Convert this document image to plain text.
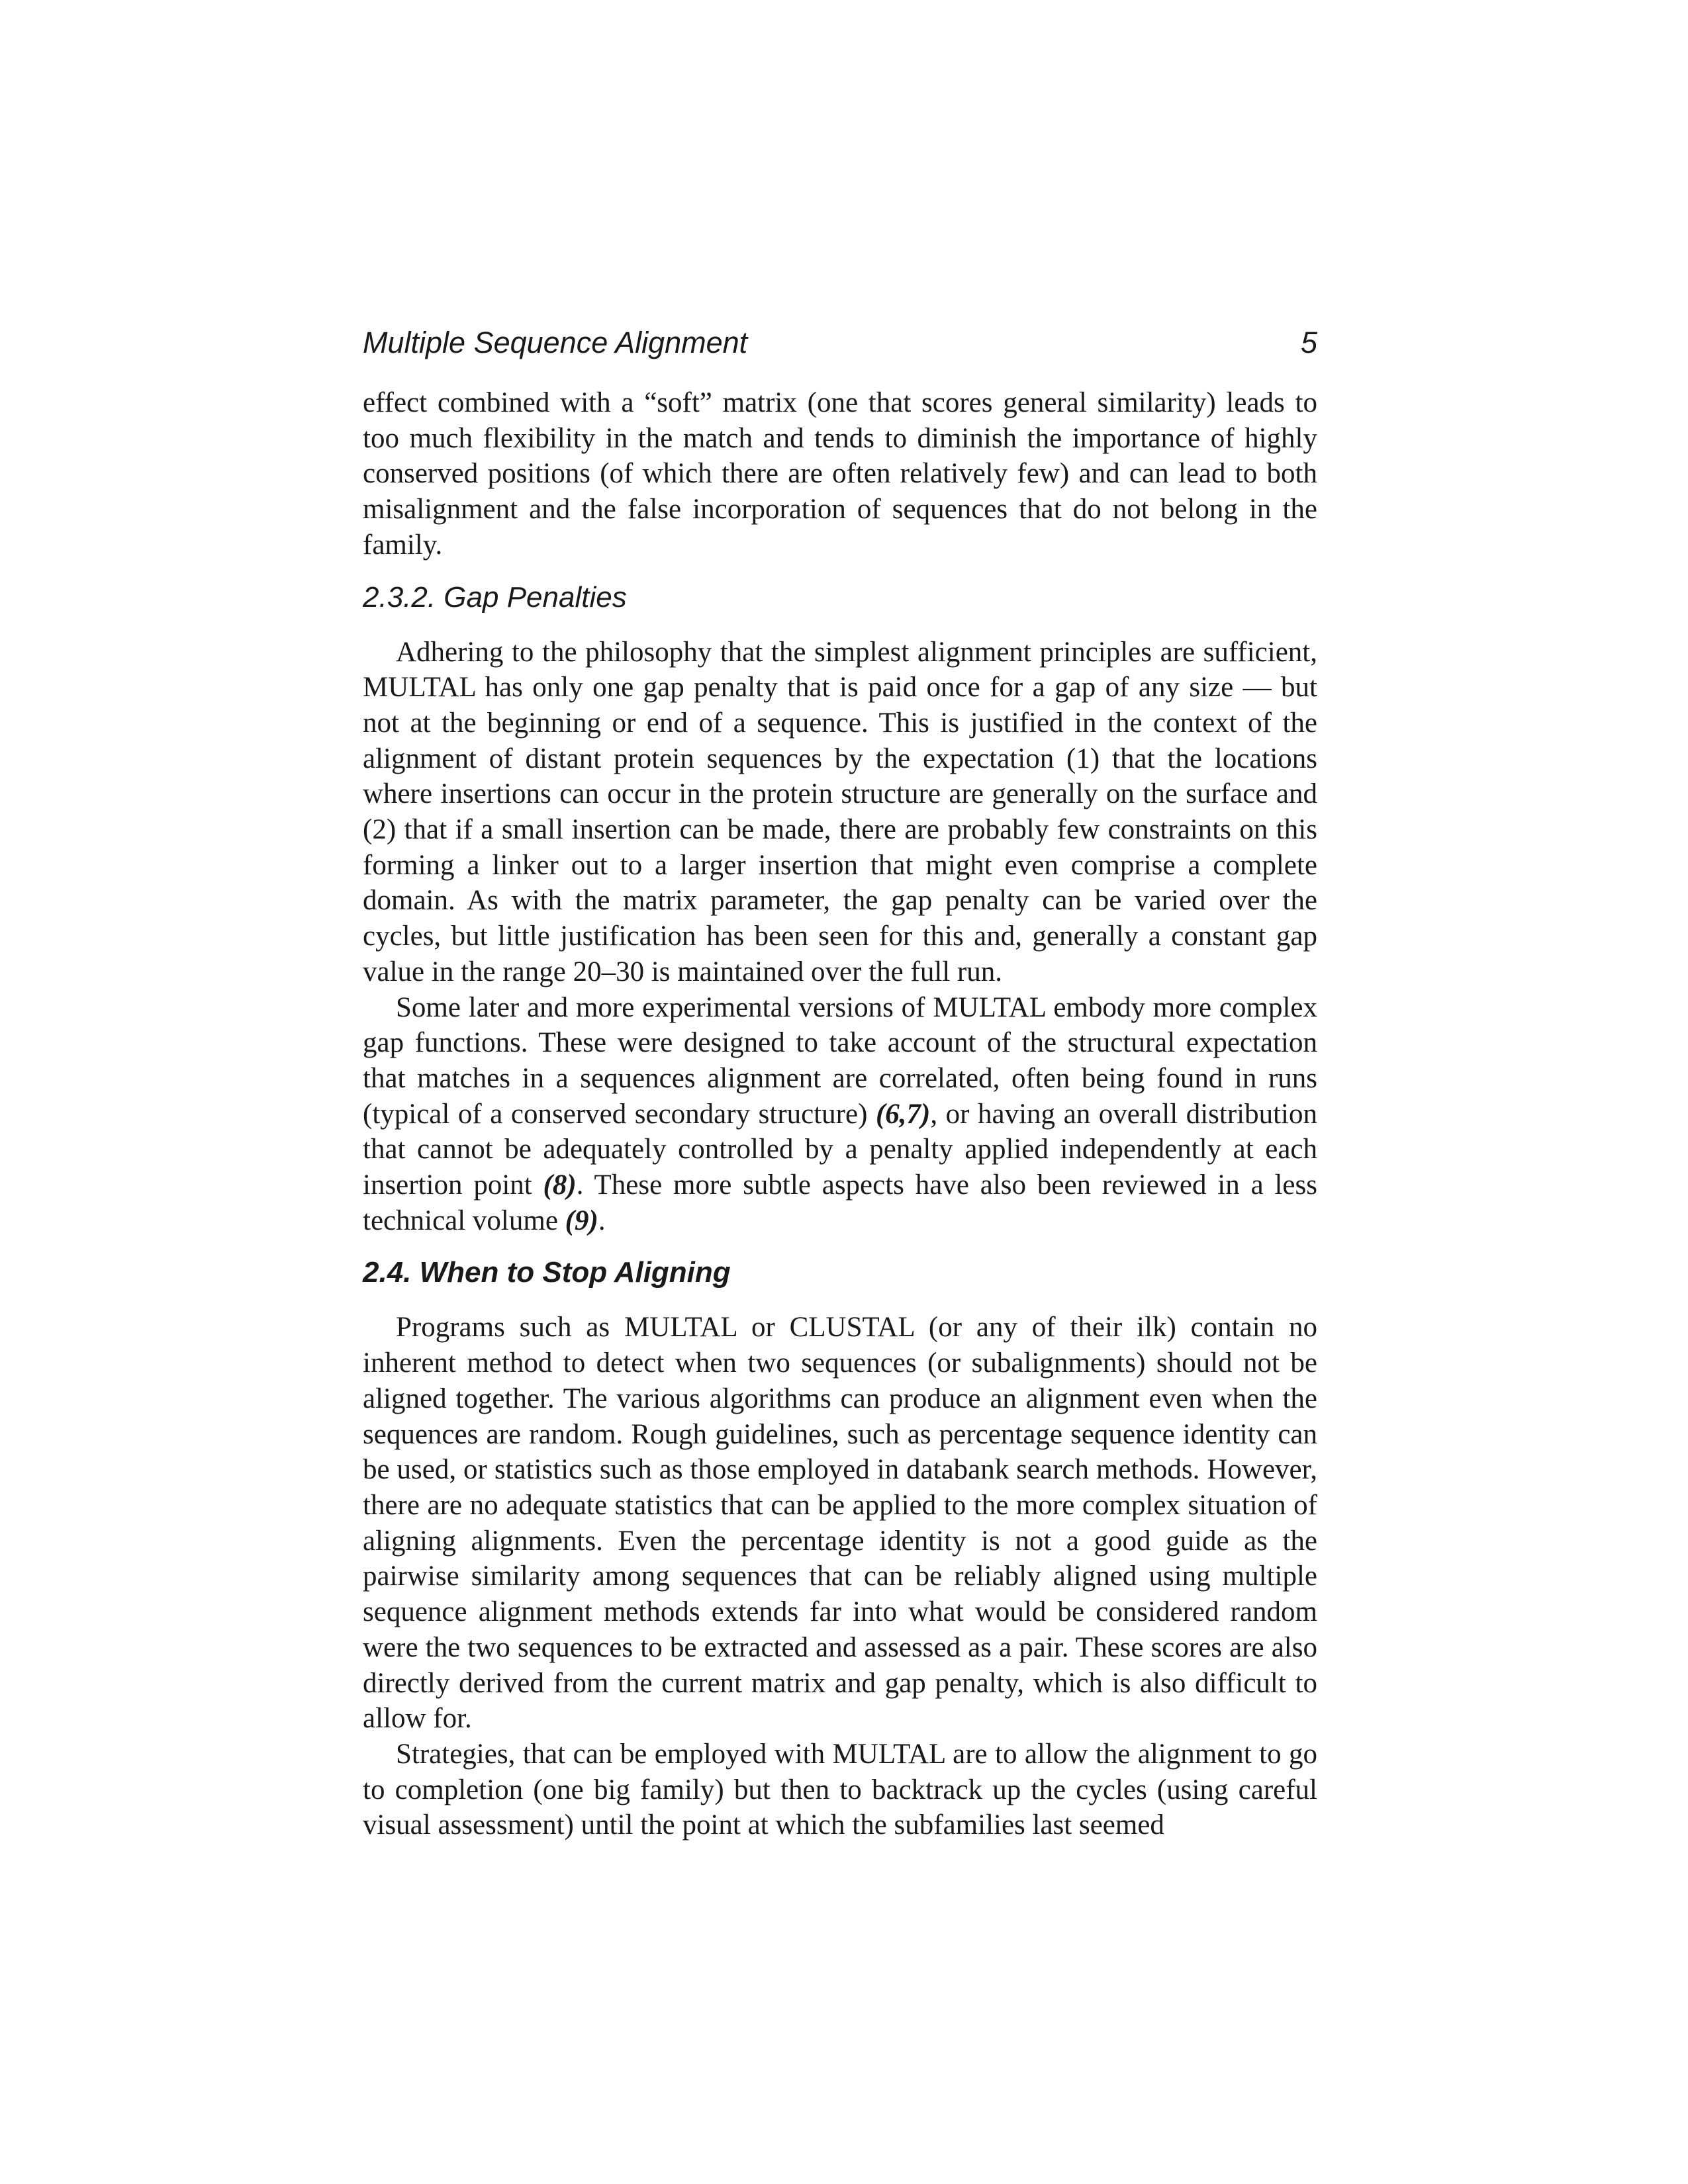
Multiple Sequence Alignment	5

effect combined with a “soft” matrix (one that scores general similarity) leads to too much flexibility in the match and tends to diminish the importance of highly conserved positions (of which there are often relatively few) and can lead to both misalignment and the false incorporation of sequences that do not belong in the family.

2.3.2. Gap Penalties

Adhering to the philosophy that the simplest alignment principles are sufficient, MULTAL has only one gap penalty that is paid once for a gap of any size — but not at the beginning or end of a sequence. This is justified in the context of the alignment of distant protein sequences by the expectation (1) that the locations where insertions can occur in the protein structure are generally on the surface and (2) that if a small insertion can be made, there are probably few constraints on this forming a linker out to a larger insertion that might even comprise a complete domain. As with the matrix parameter, the gap penalty can be varied over the cycles, but little justification has been seen for this and, generally a constant gap value in the range 20–30 is maintained over the full run.

Some later and more experimental versions of MULTAL embody more complex gap functions. These were designed to take account of the structural expectation that matches in a sequences alignment are correlated, often being found in runs (typical of a conserved secondary structure) (6,7), or having an overall distribution that cannot be adequately controlled by a penalty applied independently at each insertion point (8). These more subtle aspects have also been reviewed in a less technical volume (9).

2.4. When to Stop Aligning

Programs such as MULTAL or CLUSTAL (or any of their ilk) contain no inherent method to detect when two sequences (or subalignments) should not be aligned together. The various algorithms can produce an alignment even when the sequences are random. Rough guidelines, such as percentage sequence identity can be used, or statistics such as those employed in databank search methods. However, there are no adequate statistics that can be applied to the more complex situation of aligning alignments. Even the percentage identity is not a good guide as the pairwise similarity among sequences that can be reliably aligned using multiple sequence alignment methods extends far into what would be considered random were the two sequences to be extracted and assessed as a pair. These scores are also directly derived from the current matrix and gap penalty, which is also difficult to allow for.

Strategies, that can be employed with MULTAL are to allow the alignment to go to completion (one big family) but then to backtrack up the cycles (using careful visual assessment) until the point at which the subfamilies last seemed
